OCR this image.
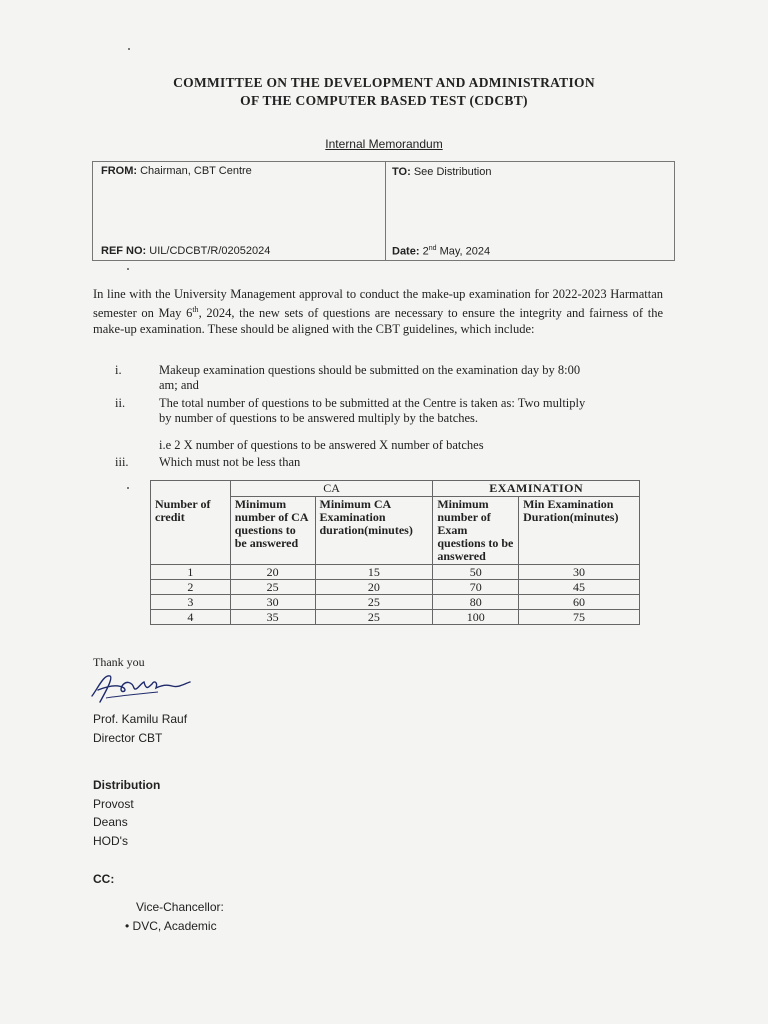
COMMITTEE ON THE DEVELOPMENT AND ADMINISTRATION
OF THE COMPUTER BASED TEST (CDCBT)
Internal Memorandum
FROM: Chairman, CBT Centre	TO: See Distribution
REF NO: UIL/CDCBT/R/02052024	Date: 2nd May, 2024
In line with the University Management approval to conduct the make-up examination for 2022-2023 Harmattan semester on May 6th, 2024, the new sets of questions are necessary to ensure the integrity and fairness of the make-up examination. These should be aligned with the CBT guidelines, which include:
i.	Makeup examination questions should be submitted on the examination day by 8:00
am; and
ii.	The total number of questions to be submitted at the Centre is taken as: Two multiply
by number of questions to be answered multiply by the batches.
i.e 2 X number of questions to be answered X number of batches
iii. Which must not be less than
	CA		EXAMINATION	
Number of credit	Minimum number of CA questions to be answered	Minimum CA Examination duration(minutes)	Minimum number of Exam questions to be answered	Min Examination Duration(minutes)
1	20	15	50	30
2	25	20	70	45
3	30	25	80	60
4	35	25	100	75
Thank you
Prof. Kamilu Rauf
Director CBT
Distribution
Provost
Deans
HOD's
CC:
Vice-Chancellor:
• DVC, Academic
